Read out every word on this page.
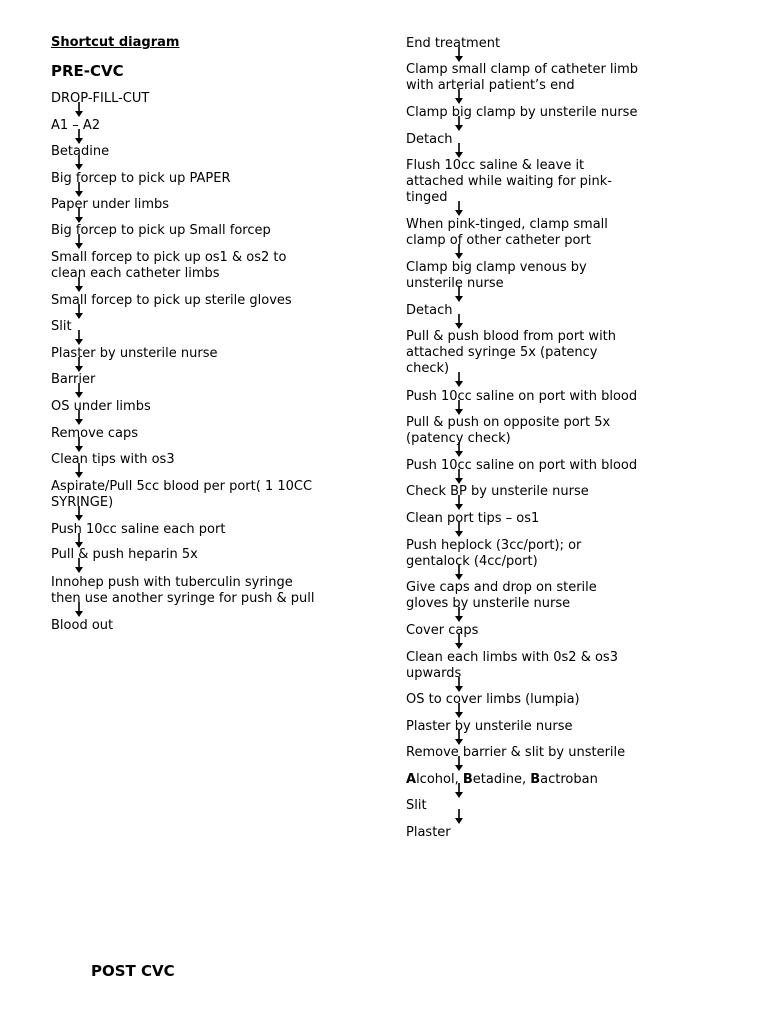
Shortcut diagram
PRE-CVC
POST CVC
DROP-FILL-CUT
A1 – A2
Betadine
Big forcep to pick up PAPER
Paper under limbs
Big forcep to pick up Small forcep
Small forcep to pick up os1 & os2 to
clean each catheter limbs
Small forcep to pick up sterile gloves
Slit
Plaster by unsterile nurse
Barrier
OS under limbs
Remove caps
Clean tips with os3
Aspirate/Pull 5cc blood per port( 1 10CC
SYRINGE)
Push 10cc saline each port
Pull & push heparin 5x
Innohep push with tuberculin syringe
then use another syringe for push & pull
Blood out
End treatment
Clamp small clamp of catheter limb
with arterial patient’s end
Clamp big clamp by unsterile nurse
Detach
Flush 10cc saline & leave it
attached while waiting for pink-
tinged
When pink-tinged, clamp small
clamp of other catheter port
Clamp big clamp venous by
unsterile nurse
Detach
Pull & push blood from port with
attached syringe 5x (patency
check)
Push 10cc saline on port with blood
Pull & push on opposite port 5x
(patency check)
Push 10cc saline on port with blood
Check BP by unsterile nurse
Clean port tips – os1
Push heplock (3cc/port); or
gentalock (4cc/port)
Give caps and drop on sterile
gloves by unsterile nurse
Cover caps
Clean each limbs with 0s2 & os3
upwards
OS to cover limbs (lumpia)
Plaster by unsterile nurse
Remove barrier & slit by unsterile
Alcohol, Betadine, Bactroban
Slit
Plaster
